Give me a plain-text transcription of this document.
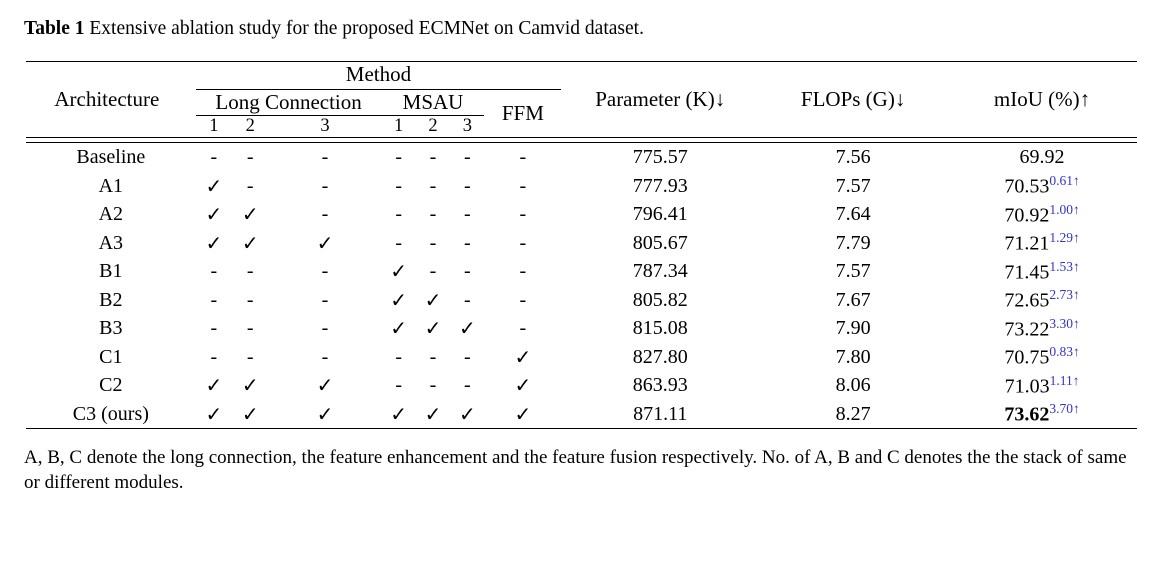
Table 1 Extensive ablation study for the proposed ECMNet on Camvid dataset.

Architecture	Method							Parameter (K)↓	FLOPs (G)↓	mIoU (%)↑
	Long Connection			MSAU			FFM			
	1	2	3	1	2	3				

Baseline	-	-	-	-	-	-	-	775.57	7.56	69.92
A1	✓	-	-	-	-	-	-	777.93	7.57	$70.53^{0.61↑}$
A2	✓	✓	-	-	-	-	-	796.41	7.64	$70.92^{1.00↑}$
A3	✓	✓	✓	-	-	-	-	805.67	7.79	$71.21^{1.29↑}$
B1	-	-	-	✓	-	-	-	787.34	7.57	$71.45^{1.53↑}$
B2	-	-	-	✓	✓	-	-	805.82	7.67	$72.65^{2.73↑}$
B3	-	-	-	✓	✓	✓	-	815.08	7.90	$73.22^{3.30↑}$
C1	-	-	-	-	-	-	✓	827.80	7.80	$70.75^{0.83↑}$
C2	✓	✓	✓	-	-	-	✓	863.93	8.06	$71.03^{1.11↑}$
C3 (ours)	✓	✓	✓	✓	✓	✓	✓	871.11	8.27	$73.62^{3.70↑}$

A, B, C denote the long connection, the feature enhancement and the feature fusion respectively. No. of A, B and C denotes the the stack of same or different modules.
